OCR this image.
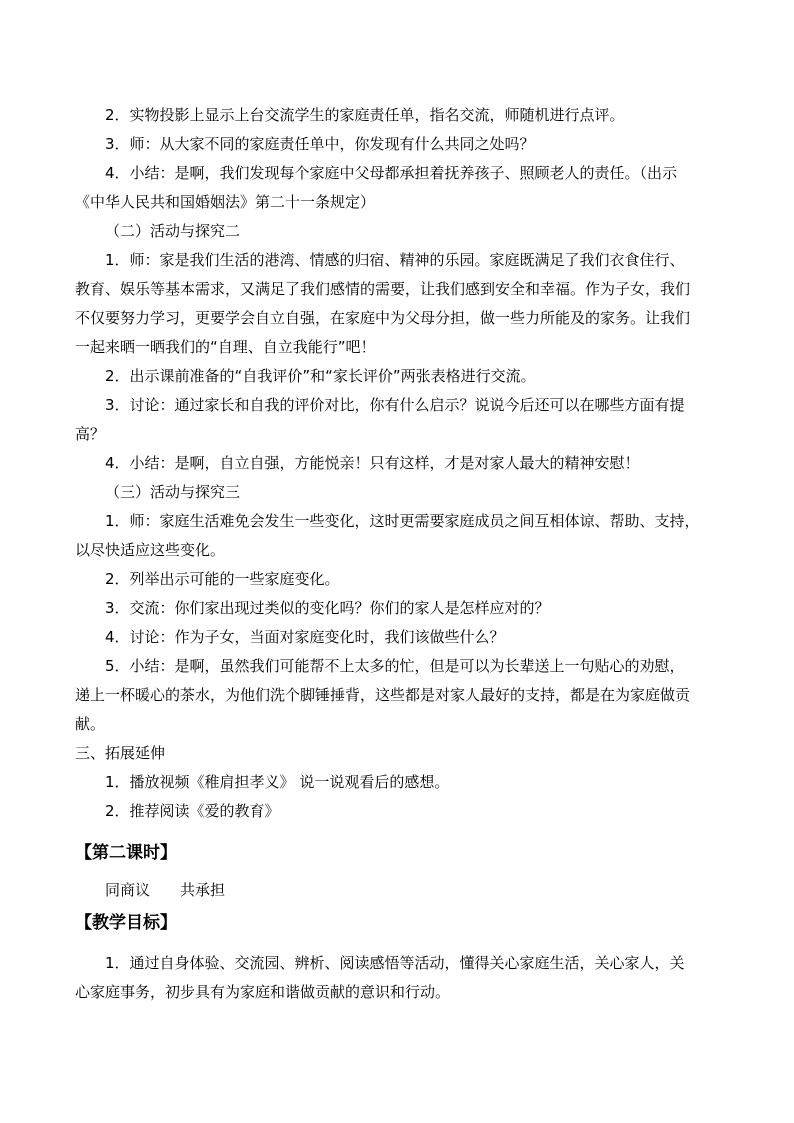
2．实物投影上显示上台交流学生的家庭责任单，指名交流，师随机进行点评。
3．师：从大家不同的家庭责任单中，你发现有什么共同之处吗？
4．小结：是啊，我们发现每个家庭中父母都承担着抚养孩子、照顾老人的责任。（出示
《中华人民共和国婚姻法》第二十一条规定）
（二）活动与探究二
1．师：家是我们生活的港湾、情感的归宿、精神的乐园。家庭既满足了我们衣食住行、
教育、娱乐等基本需求，又满足了我们感情的需要，让我们感到安全和幸福。作为子女，我们
不仅要努力学习，更要学会自立自强，在家庭中为父母分担，做一些力所能及的家务。让我们
一起来晒一晒我们的“自理、自立我能行”吧！
2．出示课前准备的“自我评价”和“家长评价”两张表格进行交流。
3．讨论：通过家长和自我的评价对比，你有什么启示？说说今后还可以在哪些方面有提
高？
4．小结：是啊，自立自强，方能悦亲！只有这样，才是对家人最大的精神安慰！
（三）活动与探究三
1．师：家庭生活难免会发生一些变化，这时更需要家庭成员之间互相体谅、帮助、支持，
以尽快适应这些变化。
2．列举出示可能的一些家庭变化。
3．交流：你们家出现过类似的变化吗？你们的家人是怎样应对的？
4．讨论：作为子女，当面对家庭变化时，我们该做些什么？
5．小结：是啊，虽然我们可能帮不上太多的忙，但是可以为长辈送上一句贴心的劝慰，
递上一杯暖心的茶水，为他们洗个脚锤捶背，这些都是对家人最好的支持，都是在为家庭做贡
献。
三、拓展延伸
1．播放视频《稚肩担孝义》 说一说观看后的感想。
2．推荐阅读《爱的教育》
【第二课时】
同商议　　共承担
【教学目标】
1．通过自身体验、交流园、辨析、阅读感悟等活动，懂得关心家庭生活，关心家人，关
心家庭事务，初步具有为家庭和谐做贡献的意识和行动。
